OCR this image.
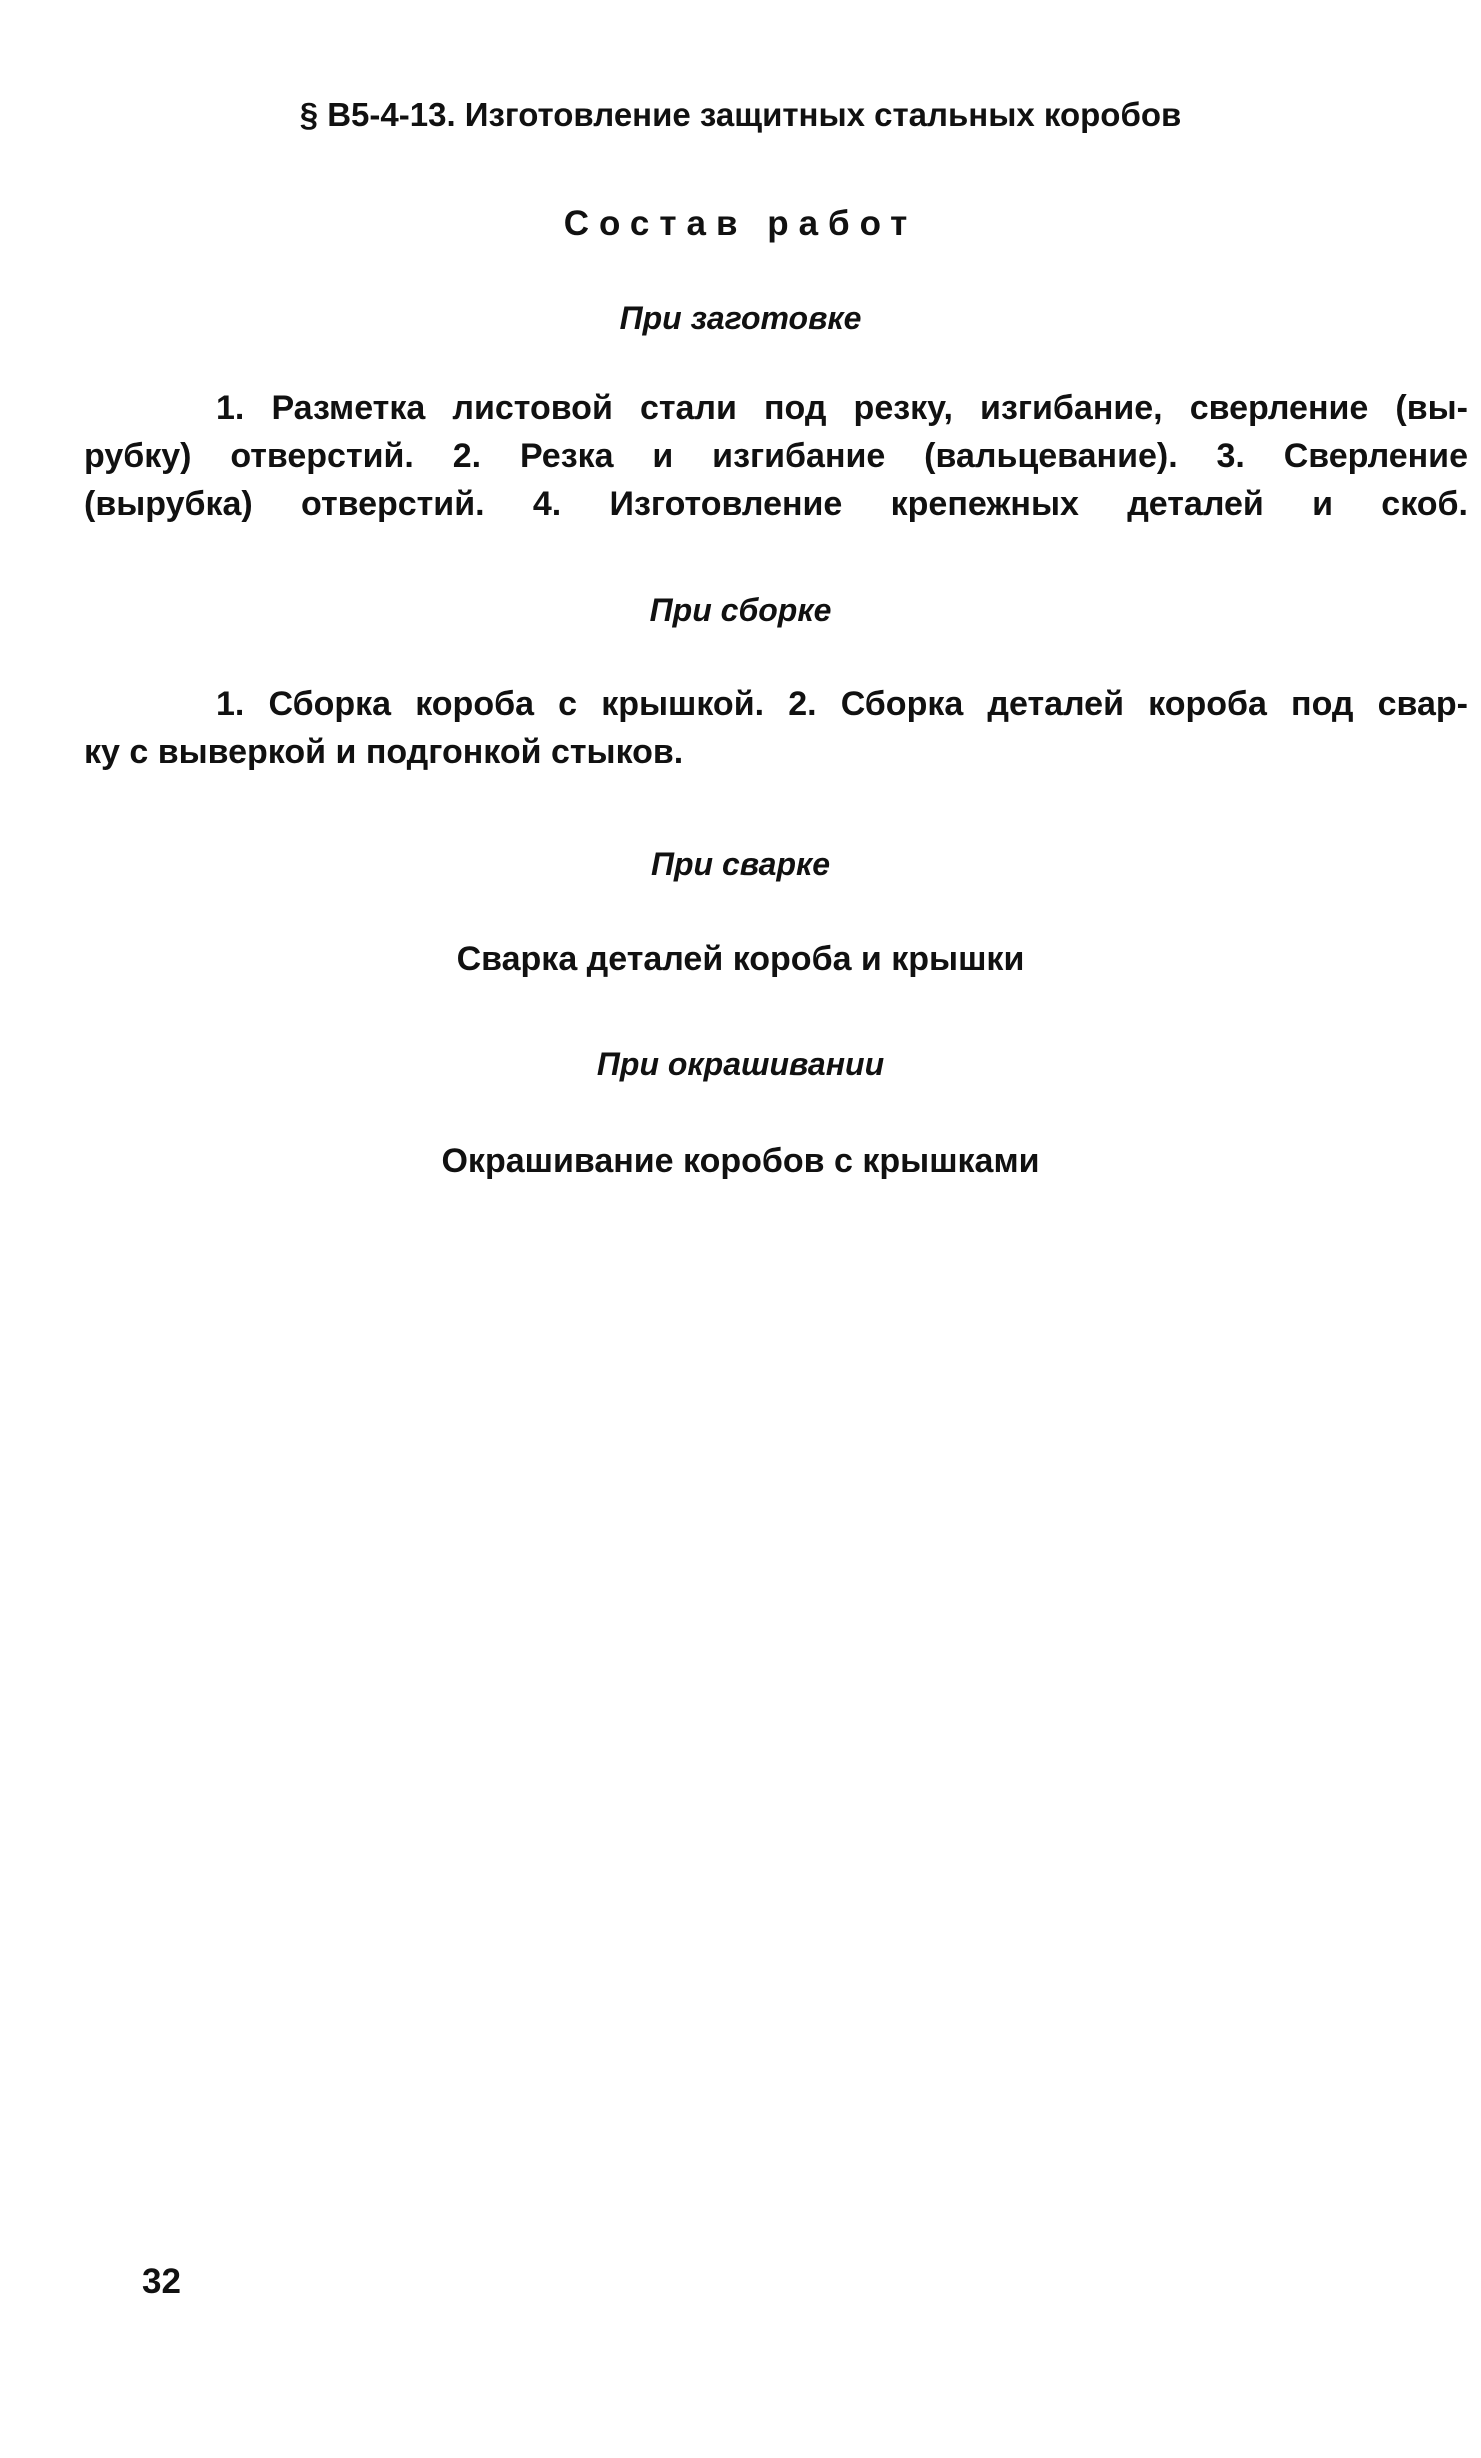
§ В5-4-13. Изготовление защитных стальных коробов
Состав работ
При заготовке

1. Разметка листовой стали под резку, изгибание, сверление (вы-
рубку) отверстий. 2. Резка и изгибание (вальцевание). 3. Сверление
(вырубка) отверстий. 4. Изготовление крепежных деталей и скоб.

При сборке

1. Сборка короба с крышкой. 2. Сборка деталей короба под свар-
ку с выверкой и подгонкой стыков.

При сварке

Сварка деталей короба и крышки

При окрашивании

Окрашивание коробов с крышками

32
